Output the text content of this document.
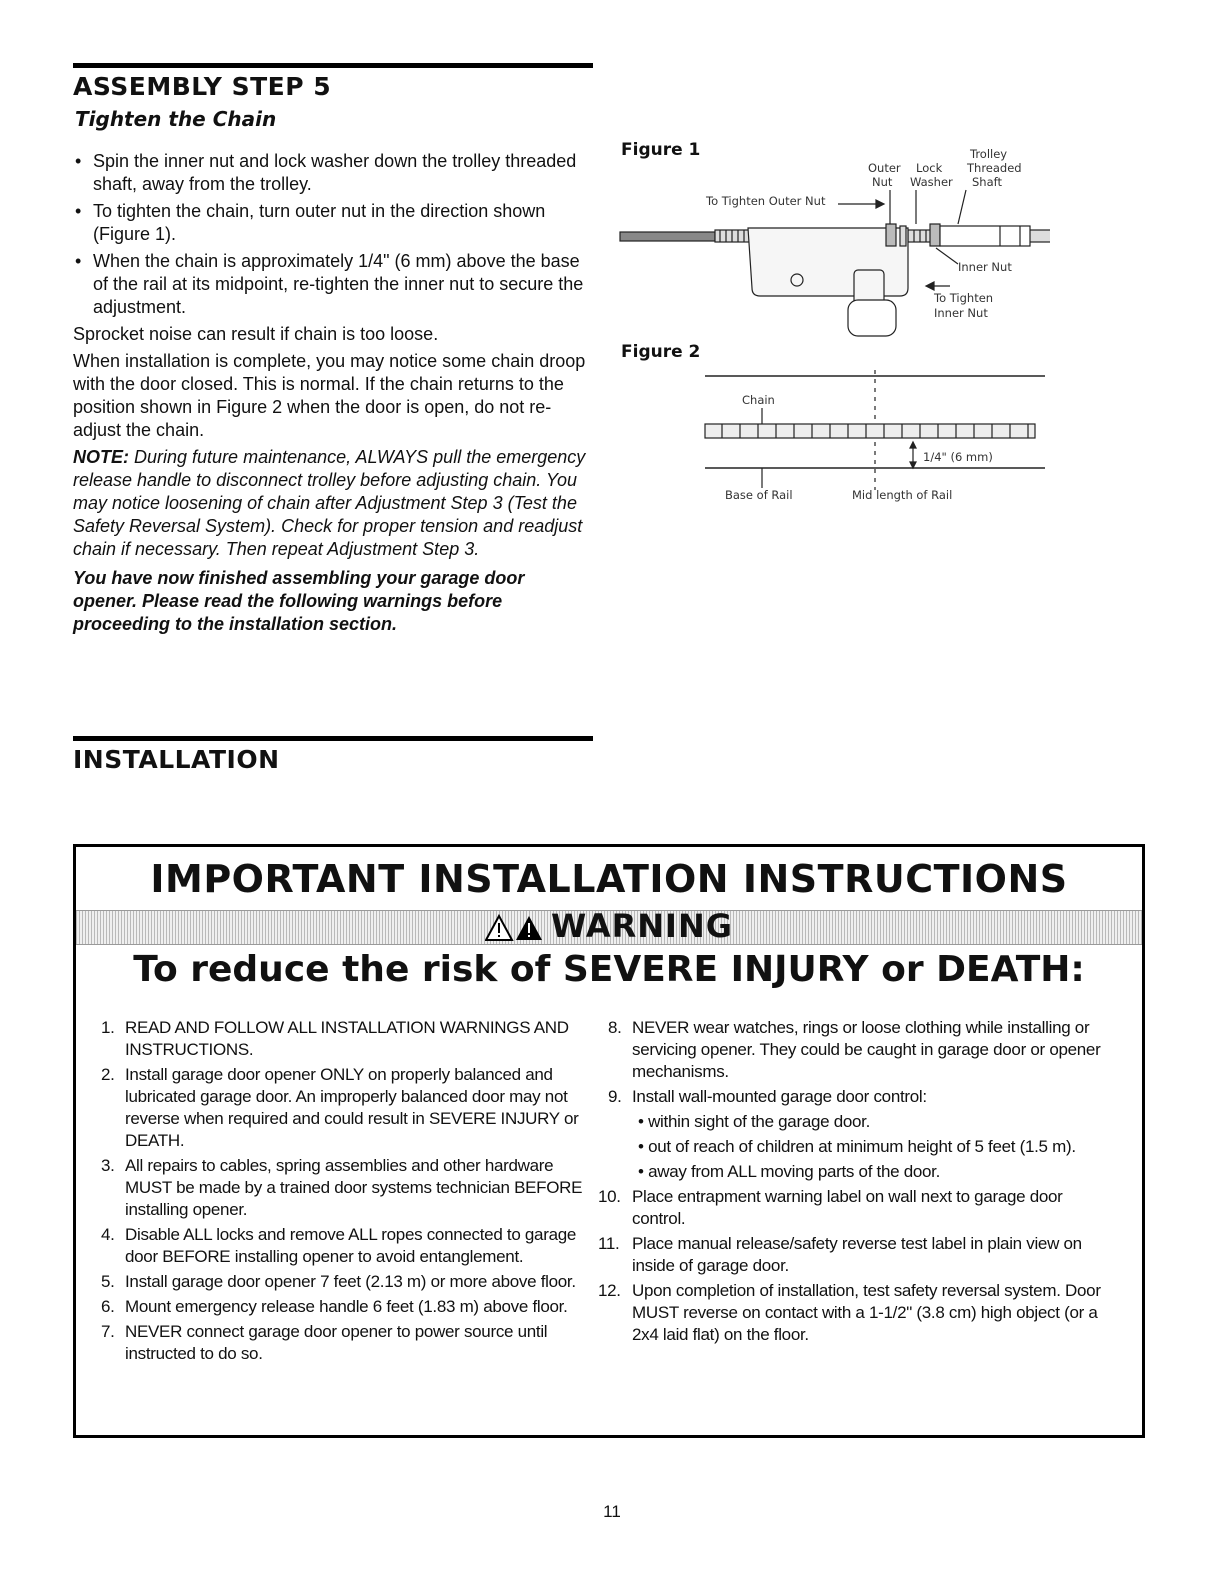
ASSEMBLY STEP 5
Tighten the Chain
• Spin the inner nut and lock washer down the trolley threaded shaft, away from the trolley.
• To tighten the chain, turn outer nut in the direction shown (Figure 1).
• When the chain is approximately 1/4" (6 mm) above the base of the rail at its midpoint, re-tighten the inner nut to secure the adjustment.

Sprocket noise can result if chain is too loose.

When installation is complete, you may notice some chain droop with the door closed. This is normal. If the chain returns to the position shown in Figure 2 when the door is open, do not re-adjust the chain.

NOTE: During future maintenance, ALWAYS pull the emergency release handle to disconnect trolley before adjusting chain. You may notice loosening of chain after Adjustment Step 3 (Test the Safety Reversal System). Check for proper tension and readjust chain if necessary. Then repeat Adjustment Step 3.

You have now finished assembling your garage door opener. Please read the following warnings before proceeding to the installation section.

Figure 1	Trolley
Threaded
Shaft
Outer
Nut
Lock
Washer
To Tighten Outer Nut
Inner Nut
To Tighten
Inner Nut
Figure 2
Chain
1/4" (6 mm)
Base of Rail	Mid length of Rail
INSTALLATION
IMPORTANT INSTALLATION INSTRUCTIONS
WARNING
To reduce the risk of SEVERE INJURY or DEATH:
1. READ AND FOLLOW ALL INSTALLATION WARNINGS AND INSTRUCTIONS.
2. Install garage door opener ONLY on properly balanced and lubricated garage door. An improperly balanced door may not reverse when required and could result in SEVERE INJURY or DEATH.
3. All repairs to cables, spring assemblies and other hardware MUST be made by a trained door systems technician BEFORE installing opener.
4. Disable ALL locks and remove ALL ropes connected to garage door BEFORE installing opener to avoid entanglement.
5. Install garage door opener 7 feet (2.13 m) or more above floor.
6. Mount emergency release handle 6 feet (1.83 m) above floor.
7. NEVER connect garage door opener to power source until instructed to do so.
8. NEVER wear watches, rings or loose clothing while installing or servicing opener. They could be caught in garage door or opener mechanisms.
9. Install wall-mounted garage door control:
• within sight of the garage door.
• out of reach of children at minimum height of 5 feet (1.5 m).
• away from ALL moving parts of the door.
10. Place entrapment warning label on wall next to garage door control.
11. Place manual release/safety reverse test label in plain view on inside of garage door.
12. Upon completion of installation, test safety reversal system. Door MUST reverse on contact with a 1-1/2" (3.8 cm) high object (or a 2x4 laid flat) on the floor.
11
